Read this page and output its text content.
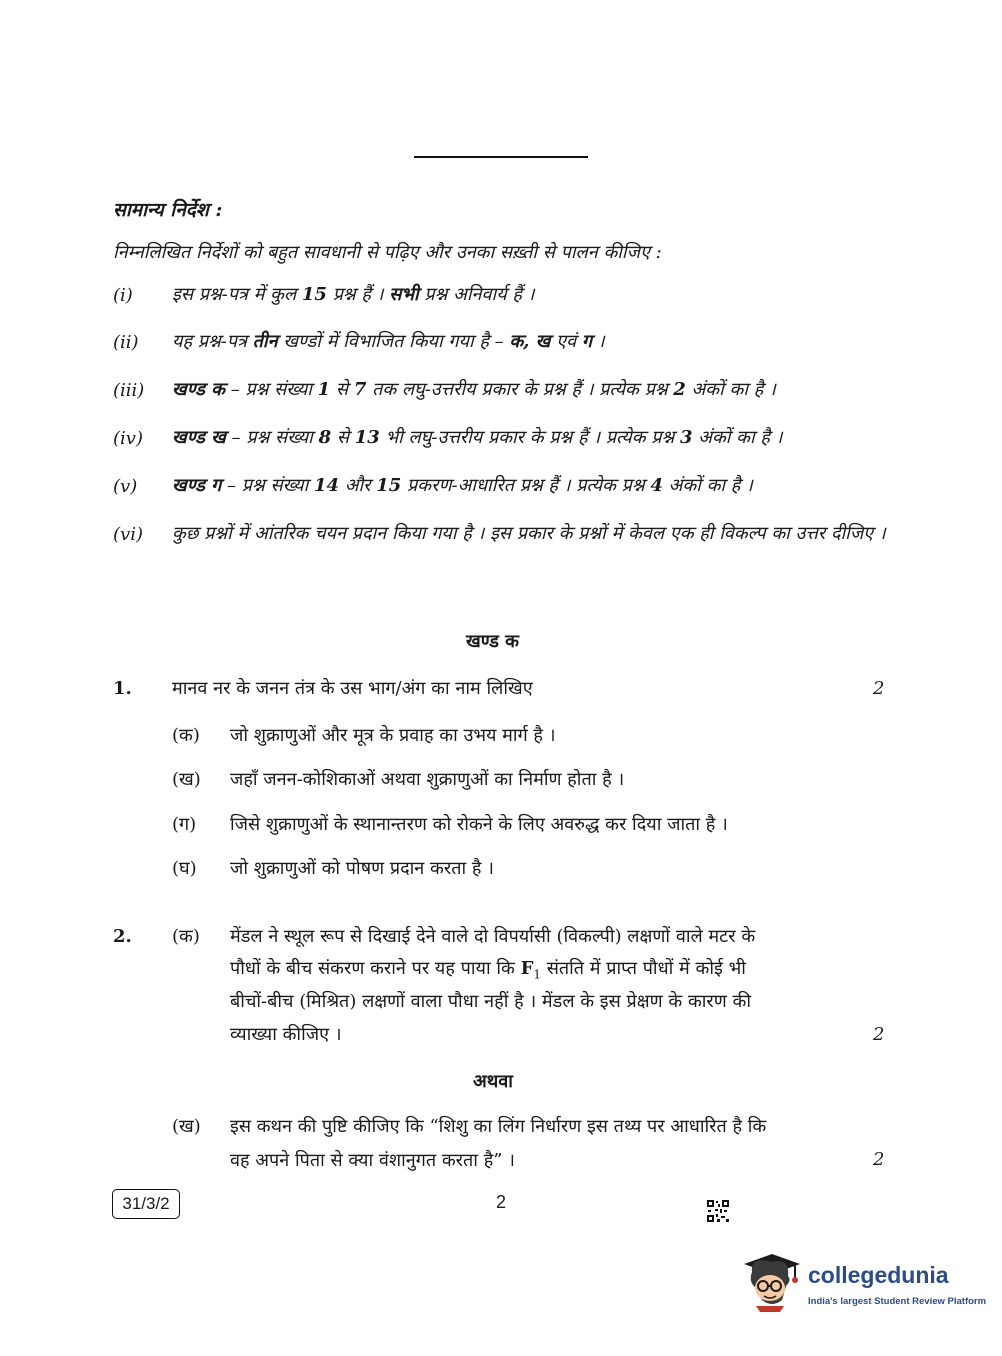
सामान्य निर्देश :
निम्नलिखित निर्देशों को बहुत सावधानी से पढ़िए और उनका सख़्ती से पालन कीजिए :
(i) इस प्रश्न-पत्र में कुल 15 प्रश्न हैं । सभी प्रश्न अनिवार्य हैं ।
(ii) यह प्रश्न-पत्र तीन खण्डों में विभाजित किया गया है – क, ख एवं ग ।
(iii) खण्ड क – प्रश्न संख्या 1 से 7 तक लघु-उत्तरीय प्रकार के प्रश्न हैं । प्रत्येक प्रश्न 2 अंकों का है ।
(iv) खण्ड ख – प्रश्न संख्या 8 से 13 भी लघु-उत्तरीय प्रकार के प्रश्न हैं । प्रत्येक प्रश्न 3 अंकों का है ।
(v) खण्ड ग – प्रश्न संख्या 14 और 15 प्रकरण-आधारित प्रश्न हैं । प्रत्येक प्रश्न 4 अंकों का है ।
(vi) कुछ प्रश्नों में आंतरिक चयन प्रदान किया गया है । इस प्रकार के प्रश्नों में केवल एक ही विकल्प का उत्तर दीजिए ।
खण्ड क
1. मानव नर के जनन तंत्र के उस भाग/अंग का नाम लिखिए	2
(क) जो शुक्राणुओं और मूत्र के प्रवाह का उभय मार्ग है ।
(ख) जहाँ जनन-कोशिकाओं अथवा शुक्राणुओं का निर्माण होता है ।
(ग) जिसे शुक्राणुओं के स्थानान्तरण को रोकने के लिए अवरुद्ध कर दिया जाता है ।
(घ) जो शुक्राणुओं को पोषण प्रदान करता है ।
2. (क) मेंडल ने स्थूल रूप से दिखाई देने वाले दो विपर्यासी (विकल्पी) लक्षणों वाले मटर के
पौधों के बीच संकरण कराने पर यह पाया कि $F_1$ संतति में प्राप्त पौधों में कोई भी
बीचों-बीच (मिश्रित) लक्षणों वाला पौधा नहीं है । मेंडल के इस प्रेक्षण के कारण की
व्याख्या कीजिए ।	2
अथवा
(ख) इस कथन की पुष्टि कीजिए कि “शिशु का लिंग निर्धारण इस तथ्य पर आधारित है कि
वह अपने पिता से क्या वंशानुगत करता है” ।	2
31/3/2	2
collegedunia
India's largest Student Review Platform
